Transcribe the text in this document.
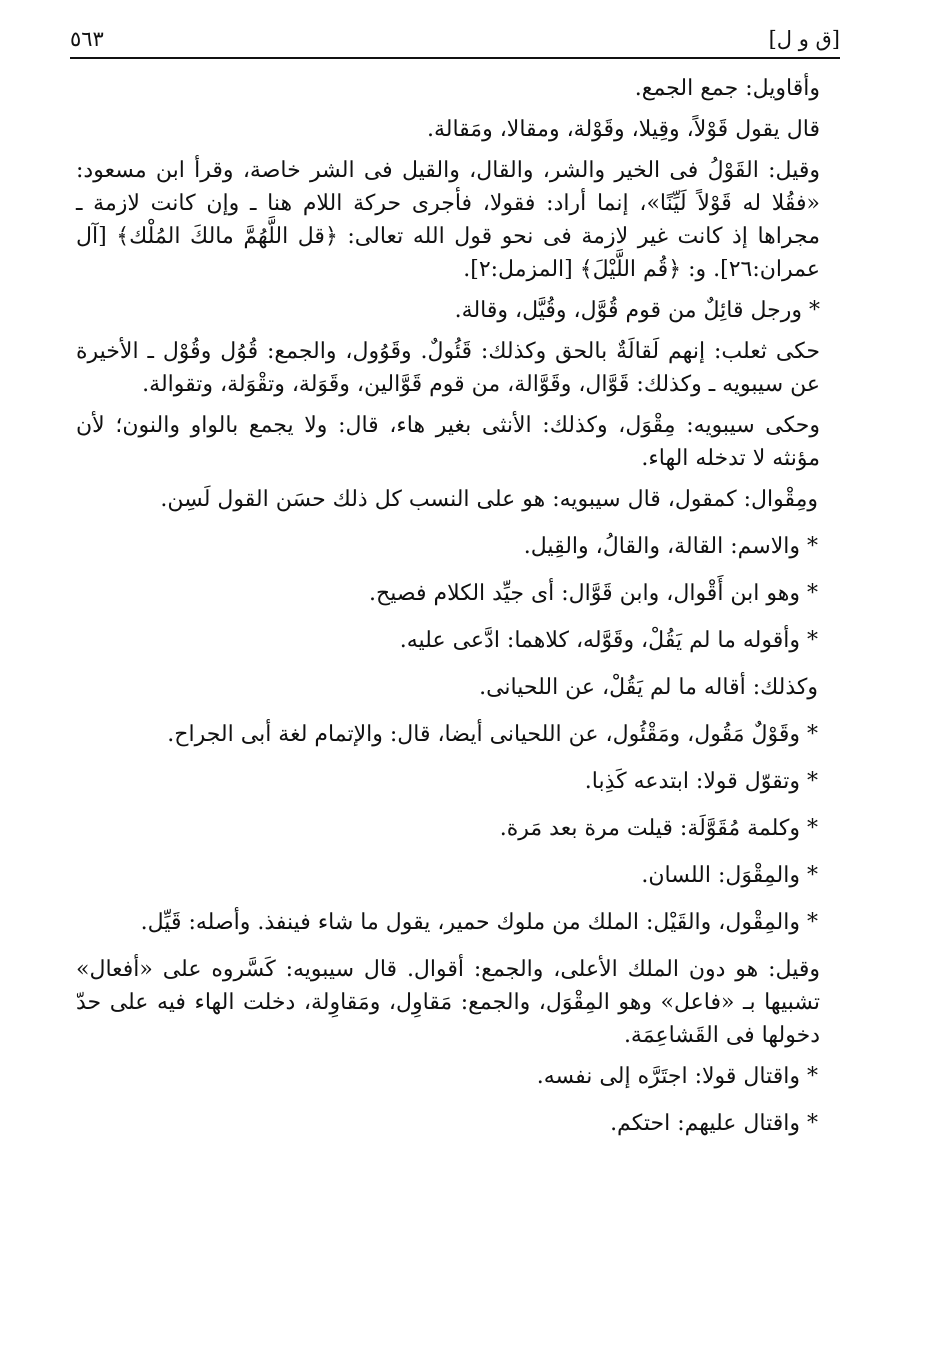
٥٦٣	[ق و ل]

وأقاويل: جمع الجمع.

قال يقول قَوْلاً، وقِيلا، وقَوْلة، ومقالا، ومَقالة.

وقيل: القَوْلُ فى الخير والشر، والقال، والقيل فى الشر خاصة، وقرأ ابن مسعود: «فقُلا له قَوْلاً لَيِّنًا»، إنما أراد: فقولا، فأجرى حركة اللام هنا ـ وإن كانت لازمة ـ مجراها إذ كانت غير لازمة فى نحو قول الله تعالى: ﴿قل اللَّهُمَّ مالكَ المُلْك﴾ [آل عمران:٢٦]. و: ﴿قُم اللَّيْلَ﴾ [المزمل:٢].

* ورجل قائِلٌ من قوم قُوَّل، وقُيَّل، وقالة.

حكى ثعلب: إنهم لَقالَةٌ بالحق وكذلك: قَئُولٌ. وقَوُول، والجمع: قُوُل وقُوْل ـ الأخيرة عن سيبويه ـ وكذلك: قَوَّال، وقَوَّالة، من قوم قَوَّالين، وقَوَلة، وتقْوَلة، وتقوالة.

وحكى سيبويه: مِقْوَل، وكذلك: الأنثى بغير هاء، قال: ولا يجمع بالواو والنون؛ لأن مؤنثه لا تدخله الهاء.

ومِقْوال: كمقول، قال سيبويه: هو على النسب كل ذلك حسَن القول لَسِن.

* والاسم: القالة، والقالُ، والقِيل.

* وهو ابن أَقْوال، وابن قَوَّال: أى جيِّد الكلام فصيح.

* وأقوله ما لم يَقُلْ، وقَوَّله، كلاهما: ادَّعى عليه.

وكذلك: أقاله ما لم يَقُلْ، عن اللحيانى.

* وقَوْلٌ مَقُول، ومَقْئُول، عن اللحيانى أيضا، قال: والإتمام لغة أبى الجراح.

* وتقوّل قولا: ابتدعه كَذِبا.

* وكلمة مُقَوَّلَة: قيلت مرة بعد مَرة.

* والمِقْوَل: اللسان.

* والمِقْول، والقَيْل: الملك من ملوك حمير، يقول ما شاء فينفذ. وأصله: قَيِّل.

وقيل: هو دون الملك الأعلى، والجمع: أقوال. قال سيبويه: كَسَّروه على «أفعال» تشبيها بـ «فاعل» وهو المِقْوَل، والجمع: مَقاوِل، ومَقاوِلة، دخلت الهاء فيه على حدّ دخولها فى القَشاعِمَة.

* واقتال قولا: اجتَرَّه إلى نفسه.

* واقتال عليهم: احتكم.
